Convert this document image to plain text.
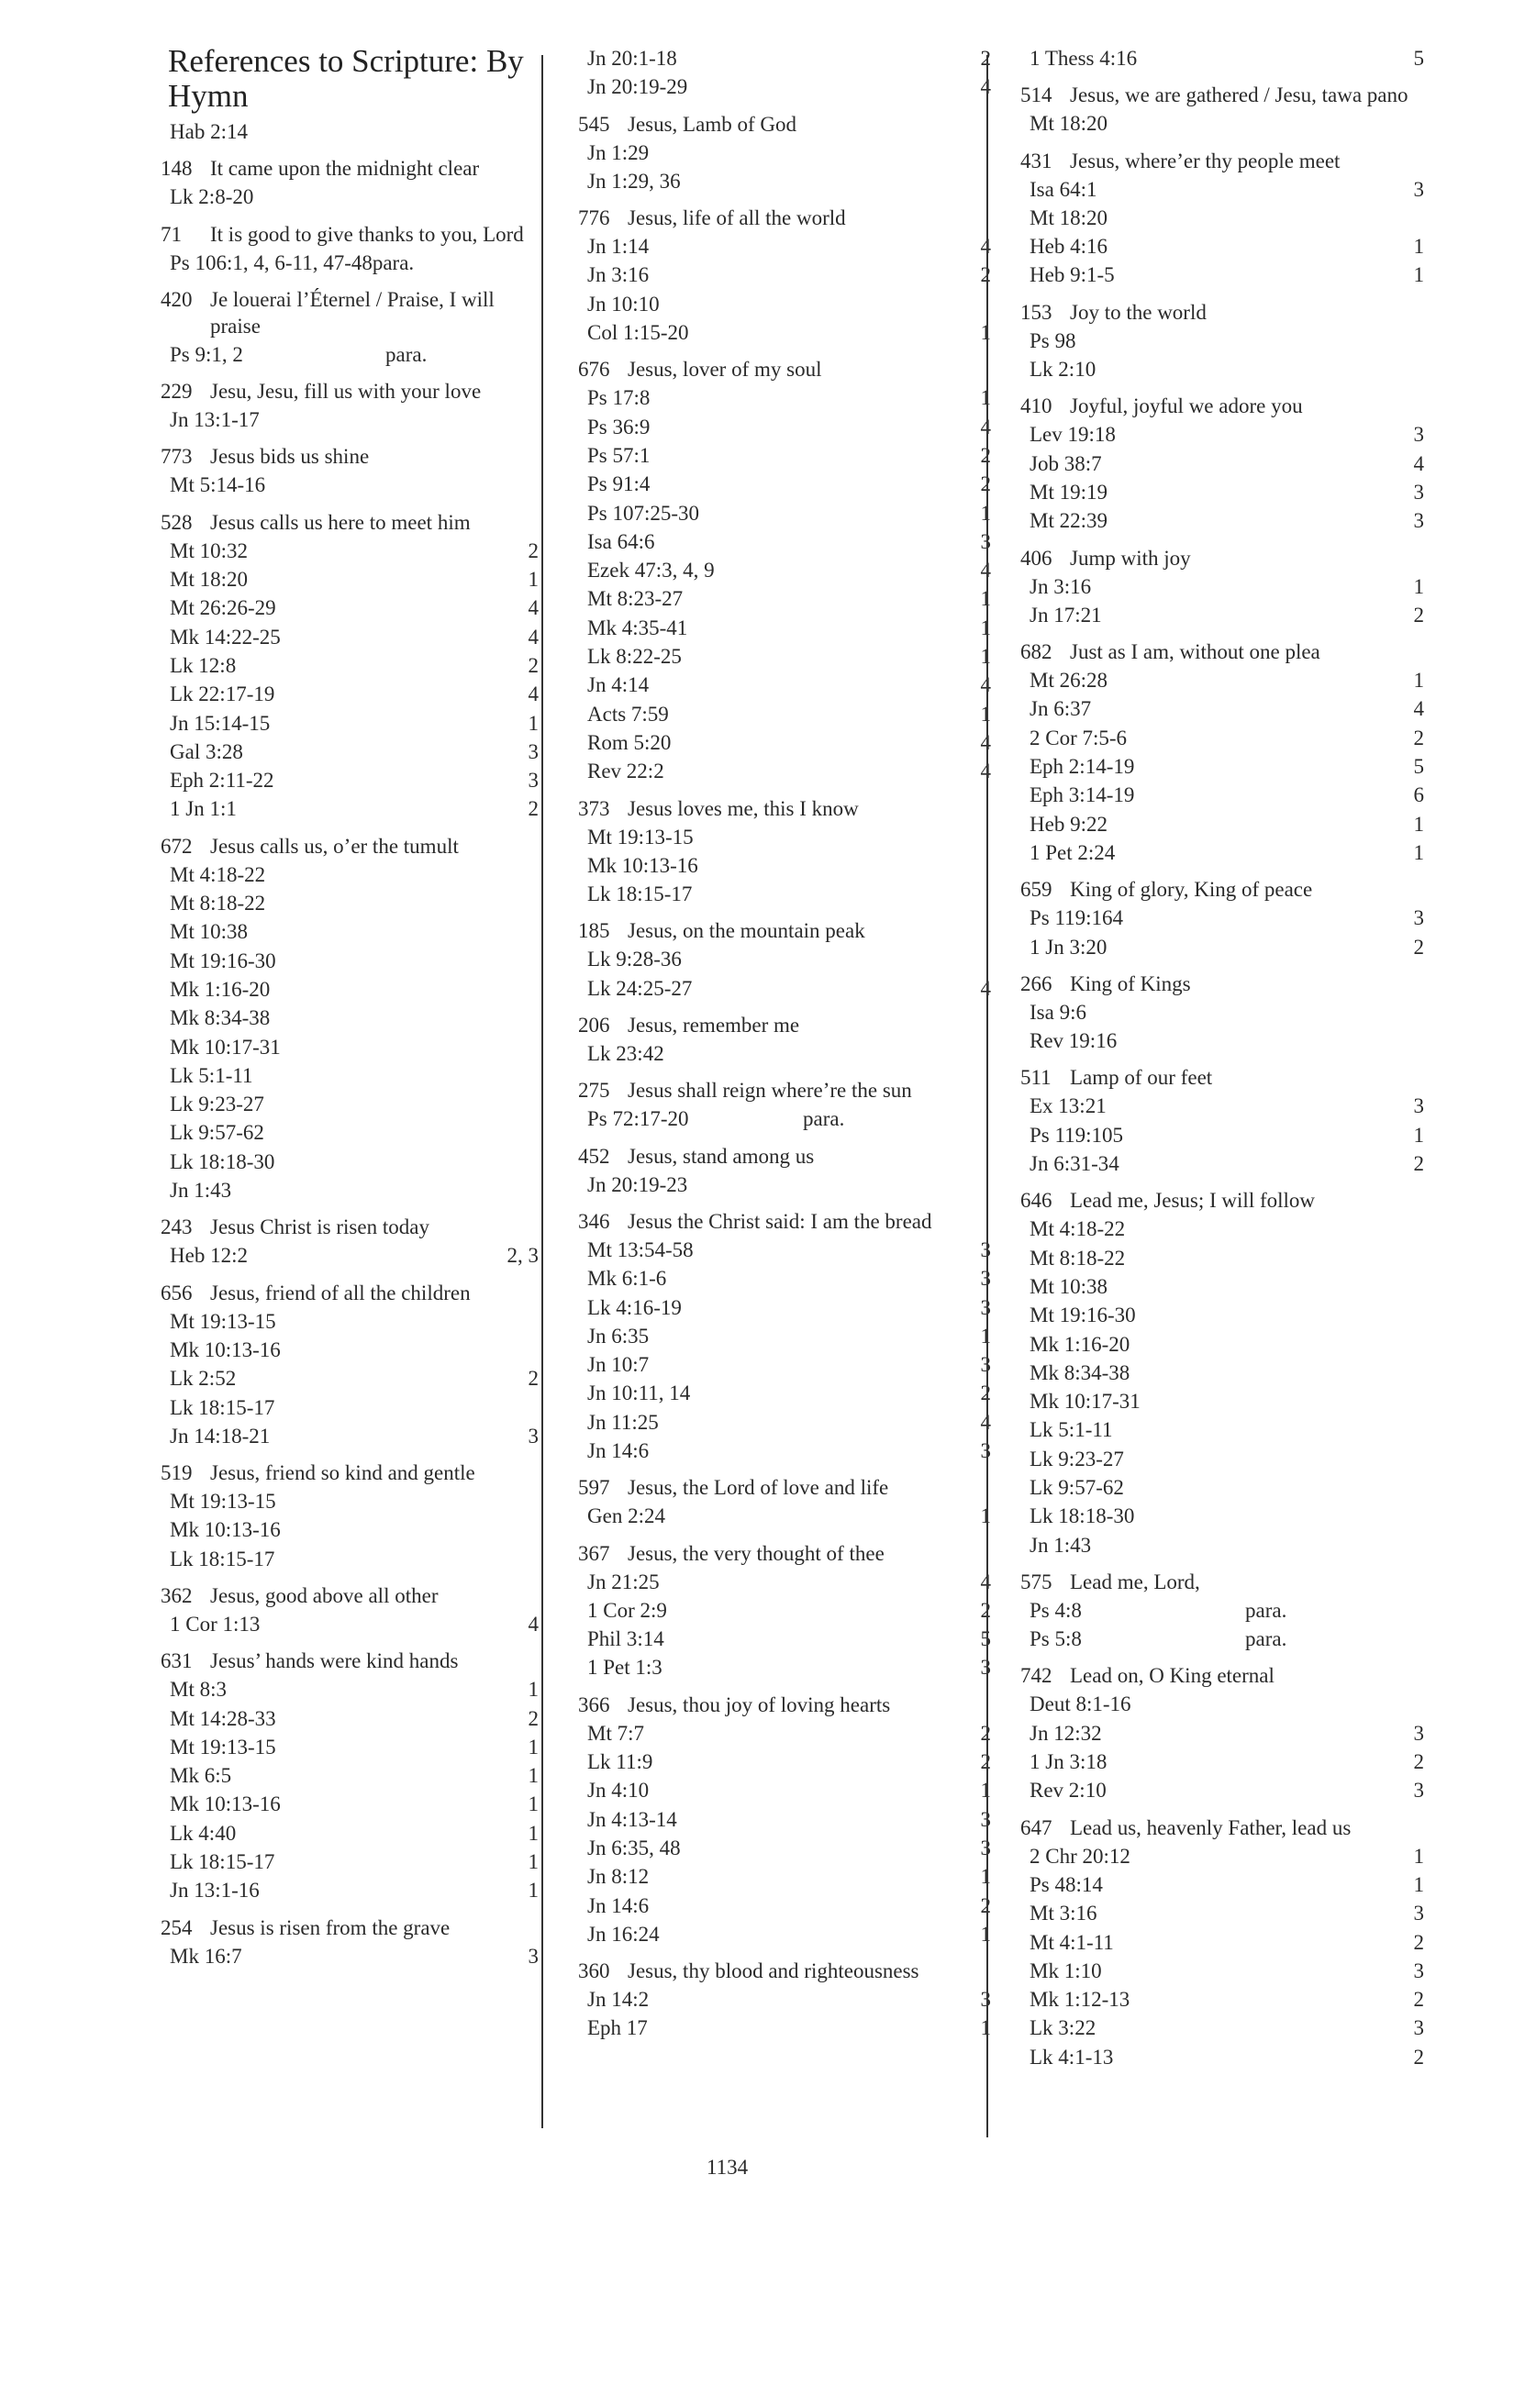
References to Scripture: By Hymn
Hab 2:14
148 It came upon the midnight clear
Lk 2:8-20
71 It is good to give thanks to you, Lord
Ps 106:1, 4, 6-11, 47-48para.
420 Je louerai l’Éternel / Praise, I will praise
Ps 9:1, 2	para.
229 Jesu, Jesu, fill us with your love
Jn 13:1-17
773 Jesus bids us shine
Mt 5:14-16
528 Jesus calls us here to meet him
Mt 10:32	2
Mt 18:20	1
Mt 26:26-29	4
Mk 14:22-25	4
Lk 12:8	2
Lk 22:17-19	4
Jn 15:14-15	1
Gal 3:28	3
Eph 2:11-22	3
1 Jn 1:1	2
672 Jesus calls us, o’er the tumult
Mt 4:18-22
Mt 8:18-22
Mt 10:38
Mt 19:16-30
Mk 1:16-20
Mk 8:34-38
Mk 10:17-31
Lk 5:1-11
Lk 9:23-27
Lk 9:57-62
Lk 18:18-30
Jn 1:43
243 Jesus Christ is risen today
Heb 12:2	2, 3
656 Jesus, friend of all the children
Mt 19:13-15
Mk 10:13-16
Lk 2:52	2
Lk 18:15-17
Jn 14:18-21	3
519 Jesus, friend so kind and gentle
Mt 19:13-15
Mk 10:13-16
Lk 18:15-17
362 Jesus, good above all other
1 Cor 1:13	4
631 Jesus’ hands were kind hands
Mt 8:3	1
Mt 14:28-33	2
Mt 19:13-15	1
Mk 6:5	1
Mk 10:13-16	1
Lk 4:40	1
Lk 18:15-17	1
Jn 13:1-16	1
254 Jesus is risen from the grave
Mk 16:7	3
Jn 20:1-18	2
Jn 20:19-29	4
545 Jesus, Lamb of God
Jn 1:29
Jn 1:29, 36
776 Jesus, life of all the world
Jn 1:14	4
Jn 3:16	2
Jn 10:10
Col 1:15-20	1
676 Jesus, lover of my soul
Ps 17:8	1
Ps 36:9	4
Ps 57:1	2
Ps 91:4	2
Ps 107:25-30	1
Isa 64:6	3
Ezek 47:3, 4, 9	4
Mt 8:23-27	1
Mk 4:35-41	1
Lk 8:22-25	1
Jn 4:14	4
Acts 7:59	1
Rom 5:20	4
Rev 22:2	4
373 Jesus loves me, this I know
Mt 19:13-15
Mk 10:13-16
Lk 18:15-17
185 Jesus, on the mountain peak
Lk 9:28-36
Lk 24:25-27	4
206 Jesus, remember me
Lk 23:42
275 Jesus shall reign where’re the sun
Ps 72:17-20	para.
452 Jesus, stand among us
Jn 20:19-23
346 Jesus the Christ said: I am the bread
Mt 13:54-58	3
Mk 6:1-6	3
Lk 4:16-19	3
Jn 6:35	1
Jn 10:7	3
Jn 10:11, 14	2
Jn 11:25	4
Jn 14:6	3
597 Jesus, the Lord of love and life
Gen 2:24	1
367 Jesus, the very thought of thee
Jn 21:25	4
1 Cor 2:9	2
Phil 3:14	5
1 Pet 1:3	3
366 Jesus, thou joy of loving hearts
Mt 7:7	2
Lk 11:9	2
Jn 4:10	1
Jn 4:13-14	3
Jn 6:35, 48	3
Jn 8:12	1
Jn 14:6	2
Jn 16:24	1
360 Jesus, thy blood and righteousness
Jn 14:2	3
Eph 17	1
1 Thess 4:16	5
514 Jesus, we are gathered / Jesu, tawa pano
Mt 18:20
431 Jesus, where’er thy people meet
Isa 64:1	3
Mt 18:20
Heb 4:16	1
Heb 9:1-5	1
153 Joy to the world
Ps 98
Lk 2:10
410 Joyful, joyful we adore you
Lev 19:18	3
Job 38:7	4
Mt 19:19	3
Mt 22:39	3
406 Jump with joy
Jn 3:16	1
Jn 17:21	2
682 Just as I am, without one plea
Mt 26:28	1
Jn 6:37	4
2 Cor 7:5-6	2
Eph 2:14-19	5
Eph 3:14-19	6
Heb 9:22	1
1 Pet 2:24	1
659 King of glory, King of peace
Ps 119:164	3
1 Jn 3:20	2
266 King of Kings
Isa 9:6
Rev 19:16
511 Lamp of our feet
Ex 13:21	3
Ps 119:105	1
Jn 6:31-34	2
646 Lead me, Jesus; I will follow
Mt 4:18-22
Mt 8:18-22
Mt 10:38
Mt 19:16-30
Mk 1:16-20
Mk 8:34-38
Mk 10:17-31
Lk 5:1-11
Lk 9:23-27
Lk 9:57-62
Lk 18:18-30
Jn 1:43
575 Lead me, Lord,
Ps 4:8	para.
Ps 5:8	para.
742 Lead on, O King eternal
Deut 8:1-16
Jn 12:32	3
1 Jn 3:18	2
Rev 2:10	3
647 Lead us, heavenly Father, lead us
2 Chr 20:12	1
Ps 48:14	1
Mt 3:16	3
Mt 4:1-11	2
Mk 1:10	3
Mk 1:12-13	2
Lk 3:22	3
Lk 4:1-13	2
1134
